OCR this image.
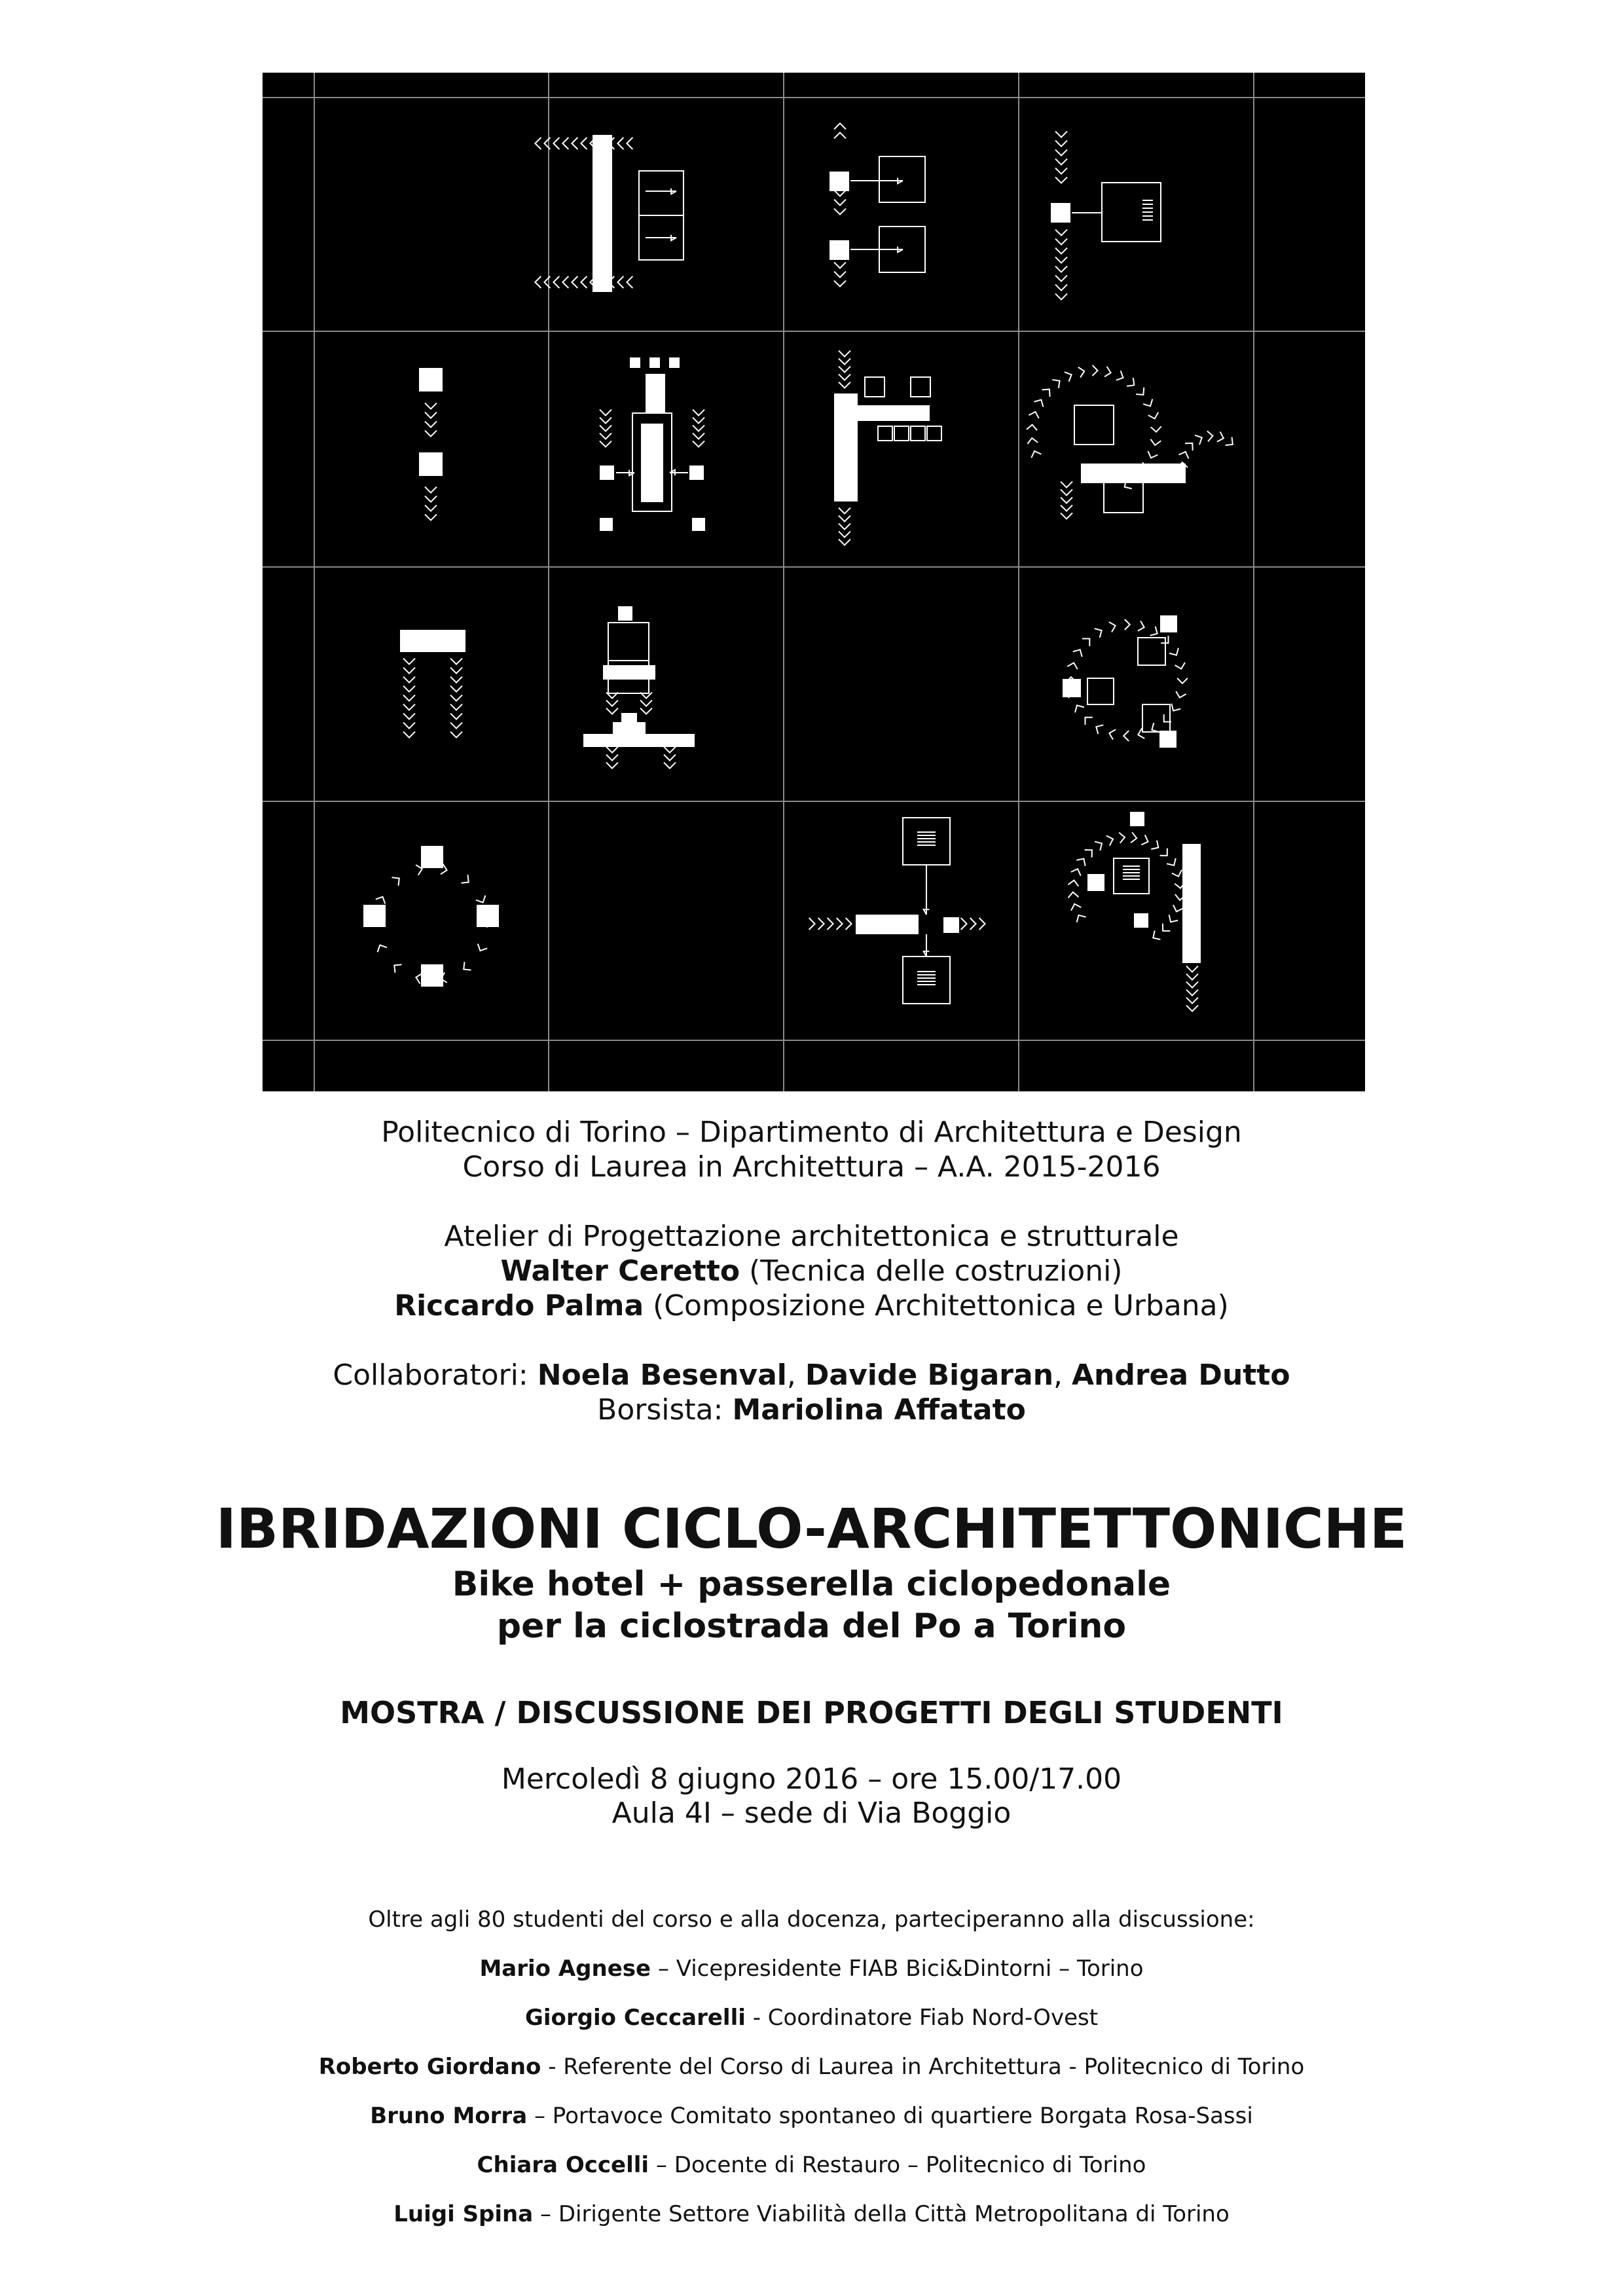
Politecnico di Torino – Dipartimento di Architettura e Design
Corso di Laurea in Architettura – A.A. 2015-2016
Atelier di Progettazione architettonica e strutturale
Walter Ceretto (Tecnica delle costruzioni)
Riccardo Palma (Composizione Architettonica e Urbana)
Collaboratori: Noela Besenval, Davide Bigaran, Andrea Dutto
Borsista: Mariolina Affatato
IBRIDAZIONI CICLO-ARCHITETTONICHE
Bike hotel + passerella ciclopedonale
per la ciclostrada del Po a Torino
MOSTRA / DISCUSSIONE DEI PROGETTI DEGLI STUDENTI
Mercoledì 8 giugno 2016 – ore 15.00/17.00
Aula 4I – sede di Via Boggio
Oltre agli 80 studenti del corso e alla docenza, parteciperanno alla discussione:
Mario Agnese – Vicepresidente FIAB Bici&Dintorni – Torino
Giorgio Ceccarelli - Coordinatore Fiab Nord-Ovest
Roberto Giordano - Referente del Corso di Laurea in Architettura - Politecnico di Torino
Bruno Morra – Portavoce Comitato spontaneo di quartiere Borgata Rosa-Sassi
Chiara Occelli – Docente di Restauro – Politecnico di Torino
Luigi Spina – Dirigente Settore Viabilità della Città Metropolitana di Torino
